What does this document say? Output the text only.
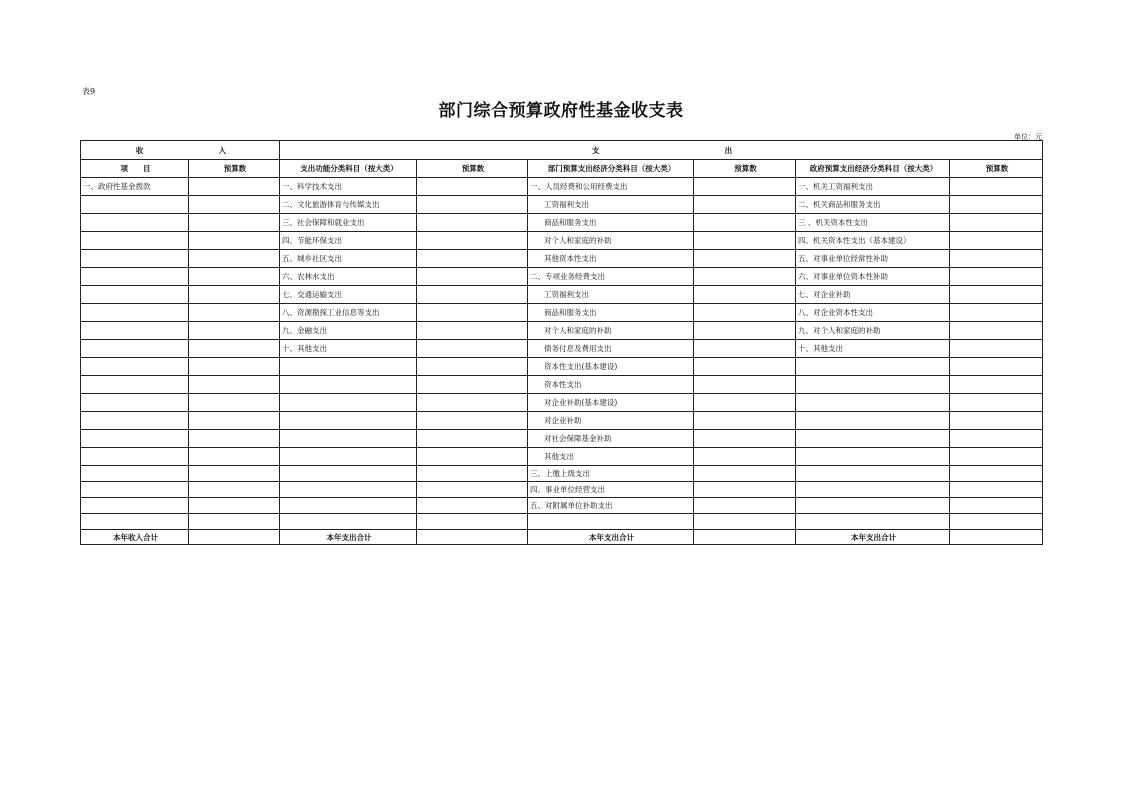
表9
部门综合预算政府性基金收支表
单位：元
收 入		支 出					
项　　目	预算数	支出功能分类科目（按大类）	预算数	部门预算支出经济分类科目（按大类）	预算数	政府预算支出经济分类科目（按大类）	预算数
一、政府性基金拨款		一、科学技术支出		一、人员经费和公用经费支出		一、机关工资福利支出	
		二、文化旅游体育与传媒支出		工资福利支出		二、机关商品和服务支出	
		三、社会保障和就业支出		商品和服务支出		三 、机关资本性支出	
		四、节能环保支出		对个人和家庭的补助		四、机关资本性支出（基本建设）	
		五、城乡社区支出		其他资本性支出		五、对事业单位经常性补助	
		六、农林水支出		二、专项业务经费支出		六、对事业单位资本性补助	
		七、交通运输支出		工资福利支出		七、对企业补助	
		八、资源勘探工业信息等支出		商品和服务支出		八、对企业资本性支出	
		九、金融支出		对个人和家庭的补助		九、对个人和家庭的补助	
		十、其他支出		债务付息及费用支出		十、其他支出	
				资本性支出(基本建设)			
				资本性支出			
				对企业补助(基本建设)			
				对企业补助			
				对社会保障基金补助			
				其他支出			
				三、上缴上级支出			
				四、事业单位经营支出			
				五、对附属单位补助支出			

本年收入合计		本年支出合计		本年支出合计		本年支出合计	
